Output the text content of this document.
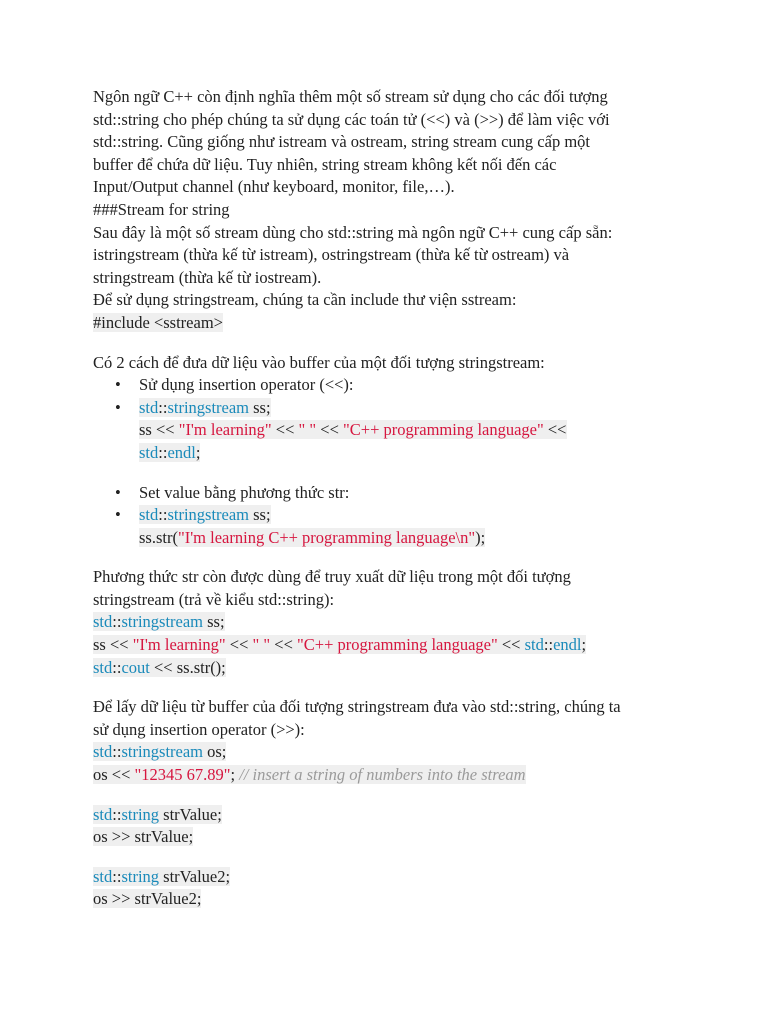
Ngôn ngữ C++ còn định nghĩa thêm một số stream sử dụng cho các đối tượng
std::string cho phép chúng ta sử dụng các toán tử (<<) và (>>) để làm việc với
std::string. Cũng giống như istream và ostream, string stream cung cấp một
buffer để chứa dữ liệu. Tuy nhiên, string stream không kết nối đến các
Input/Output channel (như keyboard, monitor, file,…).

###Stream for string

Sau đây là một số stream dùng cho std::string mà ngôn ngữ C++ cung cấp sẵn:
istringstream (thừa kế từ istream), ostringstream (thừa kế từ ostream) và
stringstream (thừa kế từ iostream).

Để sử dụng stringstream, chúng ta cần include thư viện sstream:

#include <sstream>

Có 2 cách để đưa dữ liệu vào buffer của một đối tượng stringstream:

• Sử dụng insertion operator (<<):
• std::stringstream ss;
ss << "I'm learning" << " " << "C++ programming language" <<
std::endl;
• Set value bằng phương thức str:
• std::stringstream ss;
ss.str("I'm learning C++ programming language\n");

Phương thức str còn được dùng để truy xuất dữ liệu trong một đối tượng
stringstream (trả về kiểu std::string):

std::stringstream ss;
ss << "I'm learning" << " " << "C++ programming language" << std::endl;
std::cout << ss.str();

Để lấy dữ liệu từ buffer của đối tượng stringstream đưa vào std::string, chúng ta
sử dụng insertion operator (>>):

std::stringstream os;
os << "12345 67.89"; // insert a string of numbers into the stream
std::string strValue;
os >> strValue;
std::string strValue2;
os >> strValue2;
